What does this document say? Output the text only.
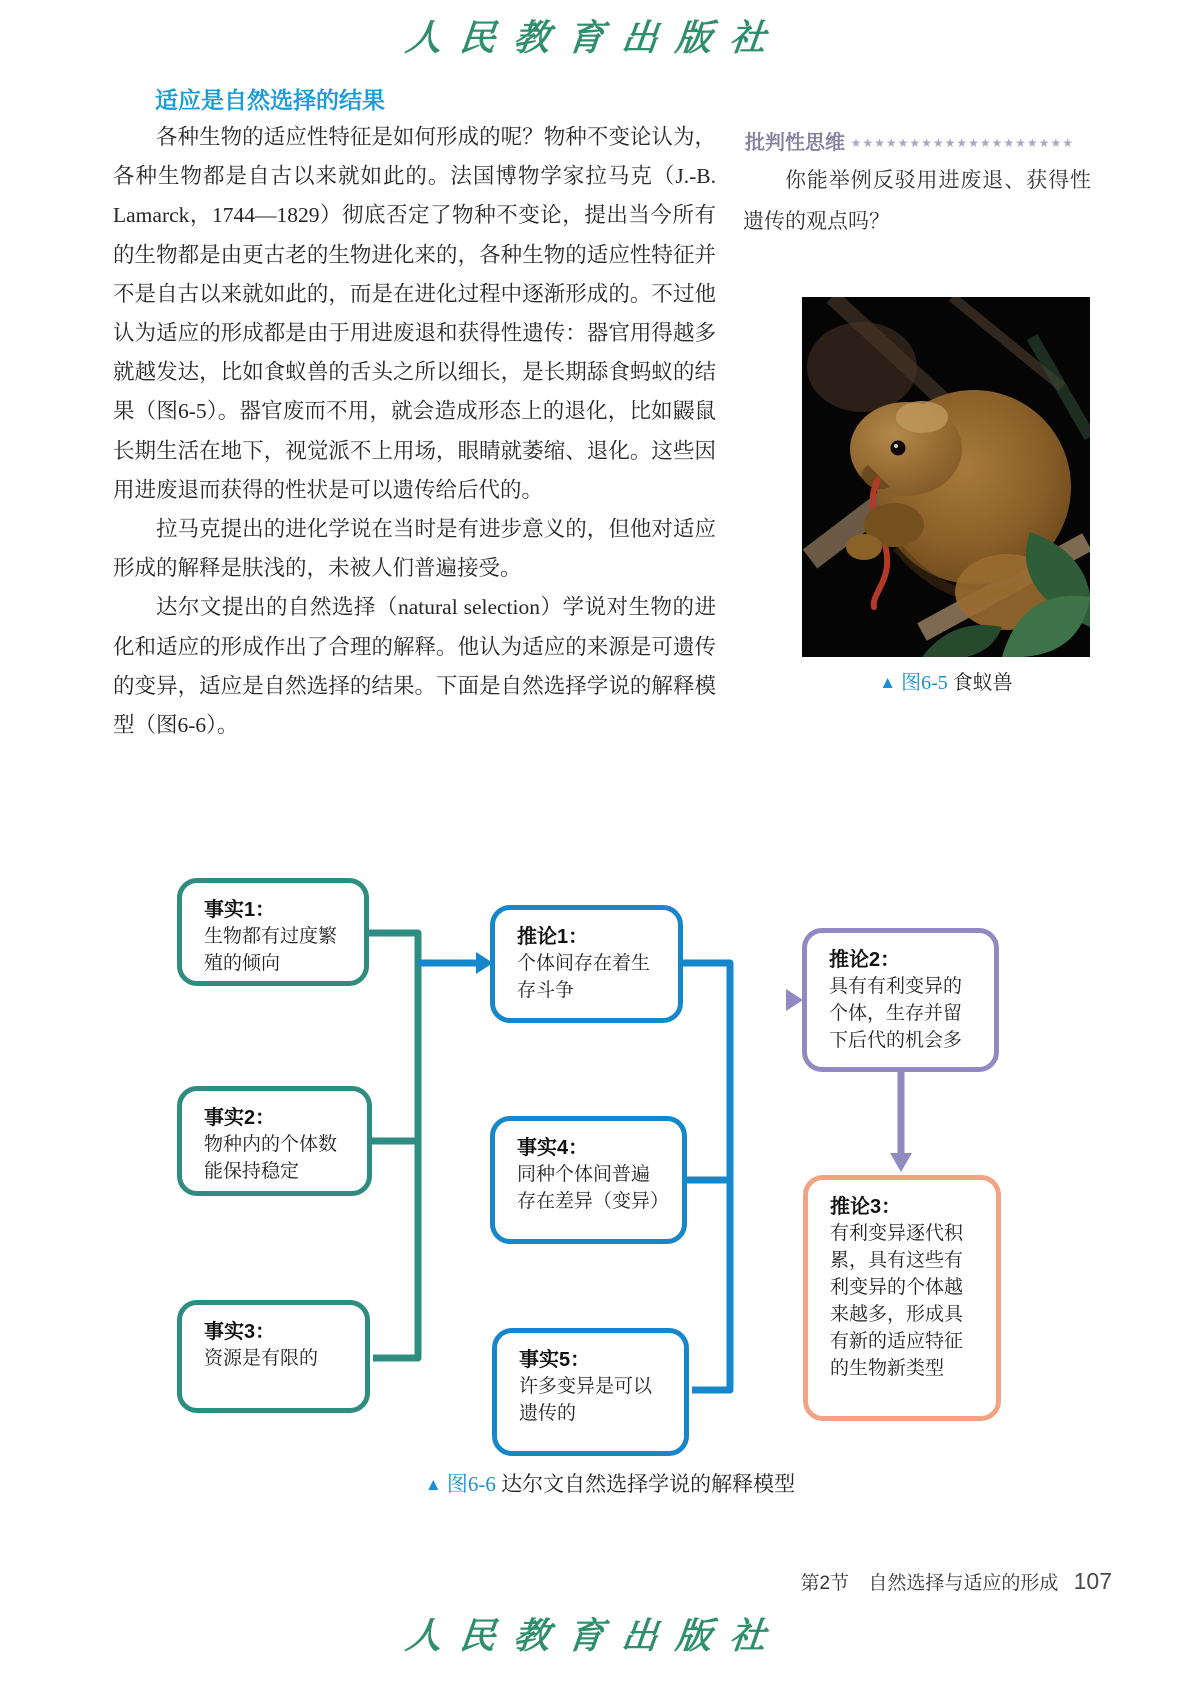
人民教育出版社
适应是自然选择的结果

各种生物的适应性特征是如何形成的呢？物种不变论认为，各种生物都是自古以来就如此的。法国博物学家拉马克（J.-B. Lamarck，1744—1829）彻底否定了物种不变论，提出当今所有的生物都是由更古老的生物进化来的，各种生物的适应性特征并不是自古以来就如此的，而是在进化过程中逐渐形成的。不过他认为适应的形成都是由于用进废退和获得性遗传：器官用得越多就越发达，比如食蚁兽的舌头之所以细长，是长期舔食蚂蚁的结果（图6-5）。器官废而不用，就会造成形态上的退化，比如鼹鼠长期生活在地下，视觉派不上用场，眼睛就萎缩、退化。这些因用进废退而获得的性状是可以遗传给后代的。

拉马克提出的进化学说在当时是有进步意义的，但他对适应形成的解释是肤浅的，未被人们普遍接受。

达尔文提出的自然选择（natural selection）学说对生物的进化和适应的形成作出了合理的解释。他认为适应的来源是可遗传的变异，适应是自然选择的结果。下面是自然选择学说的解释模型（图6-6）。

批判性思维 ★★★★★★★★★★★★★★★★★★★
你能举例反驳用进废退、获得性遗传的观点吗？
▲ 图6-5 食蚁兽
事实1：
生物都有过度繁殖的倾向
推论1：
个体间存在着生存斗争
推论2：
具有有利变异的个体，生存并留下后代的机会多
事实2：
物种内的个体数能保持稳定
事实4：
同种个体间普遍存在差异（变异）
事实3：
资源是有限的	事实5：
许多变异是可以遗传的
推论3：
有利变异逐代积累，具有这些有利变异的个体越来越多，形成具有新的适应特征的生物新类型
▲ 图6-6 达尔文自然选择学说的解释模型
第2节 自然选择与适应的形成 107
人民教育出版社
